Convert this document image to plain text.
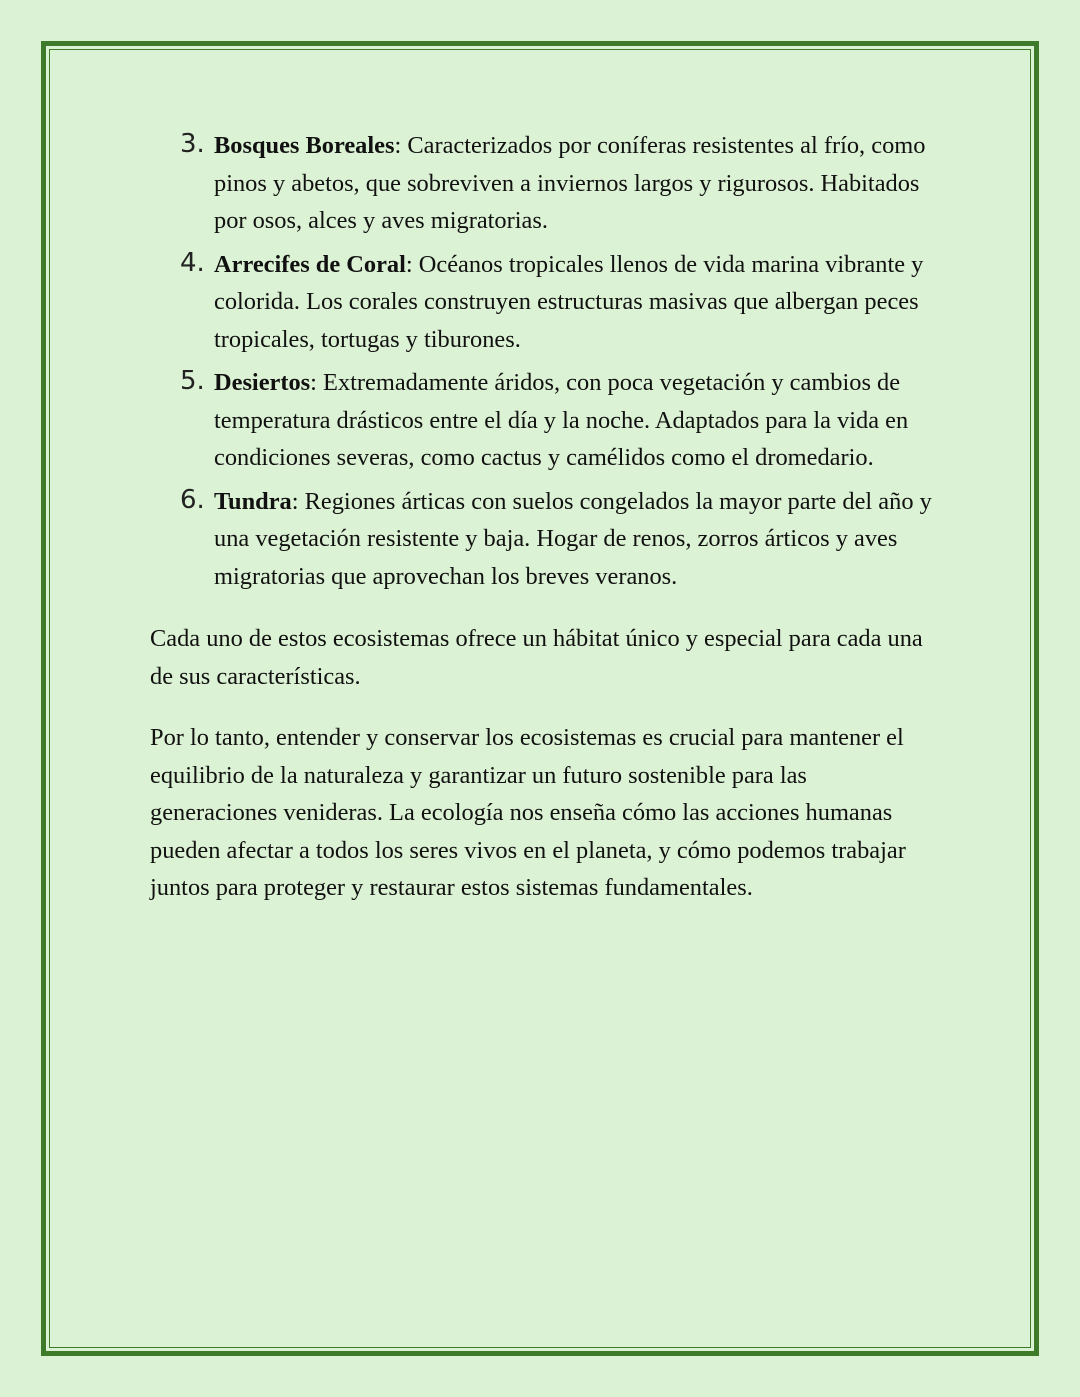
3. Bosques Boreales: Caracterizados por coníferas resistentes al frío, como pinos y abetos, que sobreviven a inviernos largos y rigurosos. Habitados por osos, alces y aves migratorias.
4. Arrecifes de Coral: Océanos tropicales llenos de vida marina vibrante y colorida. Los corales construyen estructuras masivas que albergan peces tropicales, tortugas y tiburones.
5. Desiertos: Extremadamente áridos, con poca vegetación y cambios de temperatura drásticos entre el día y la noche. Adaptados para la vida en condiciones severas, como cactus y camélidos como el dromedario.
6. Tundra: Regiones árticas con suelos congelados la mayor parte del año y una vegetación resistente y baja. Hogar de renos, zorros árticos y aves migratorias que aprovechan los breves veranos.

Cada uno de estos ecosistemas ofrece un hábitat único y especial para cada una de sus características.

Por lo tanto, entender y conservar los ecosistemas es crucial para mantener el equilibrio de la naturaleza y garantizar un futuro sostenible para las generaciones venideras. La ecología nos enseña cómo las acciones humanas pueden afectar a todos los seres vivos en el planeta, y cómo podemos trabajar juntos para proteger y restaurar estos sistemas fundamentales.
